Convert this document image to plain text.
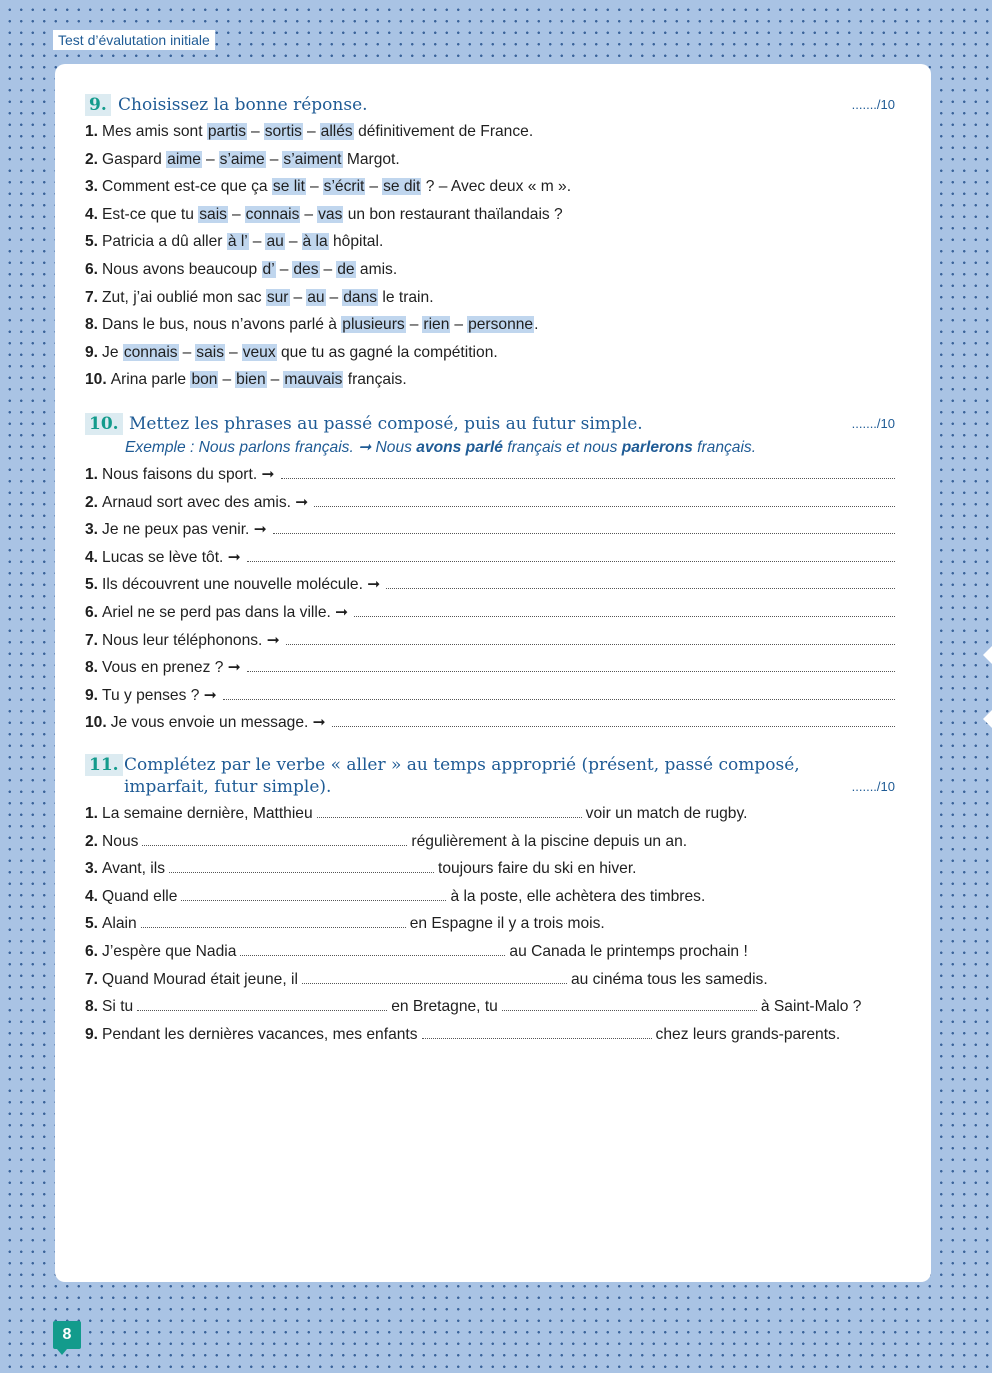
Test d’évalutation initiale
9. Choisissez la bonne réponse.	......./10
1. Mes amis sont partis – sortis – allés définitivement de France.
2. Gaspard aime – s’aime – s’aiment Margot.
3. Comment est-ce que ça se lit – s’écrit – se dit ? – Avec deux « m ».
4. Est-ce que tu sais – connais – vas un bon restaurant thaïlandais ?
5. Patricia a dû aller à l’ – au – à la hôpital.
6. Nous avons beaucoup d’ – des – de amis.
7. Zut, j’ai oublié mon sac sur – au – dans le train.
8. Dans le bus, nous n’avons parlé à plusieurs – rien – personne.
9. Je connais – sais – veux que tu as gagné la compétition.
10. Arina parle bon – bien – mauvais français.
10. Mettez les phrases au passé composé, puis au futur simple.	......./10
Exemple : Nous parlons français. ➞ Nous avons parlé français et nous parlerons français.
1. Nous faisons du sport. ➞
2. Arnaud sort avec des amis. ➞
3. Je ne peux pas venir. ➞
4. Lucas se lève tôt. ➞
5. Ils découvrent une nouvelle molécule. ➞
6. Ariel ne se perd pas dans la ville. ➞
7. Nous leur téléphonons. ➞
8. Vous en prenez ? ➞
9. Tu y penses ? ➞
10. Je vous envoie un message. ➞
11. Complétez par le verbe « aller » au temps approprié (présent, passé composé,
imparfait, futur simple).	......./10
1. La semaine dernière, Matthieu	voir un match de rugby.
2. Nous	régulièrement à la piscine depuis un an.
3. Avant, ils	toujours faire du ski en hiver.
4. Quand elle	à la poste, elle achètera des timbres.
5. Alain	en Espagne il y a trois mois.
6. J’espère que Nadia	au Canada le printemps prochain !
7. Quand Mourad était jeune, il	au cinéma tous les samedis.
8. Si tu	en Bretagne, tu	à Saint-Malo ?
9. Pendant les dernières vacances, mes enfants	chez leurs grands-parents.
8
